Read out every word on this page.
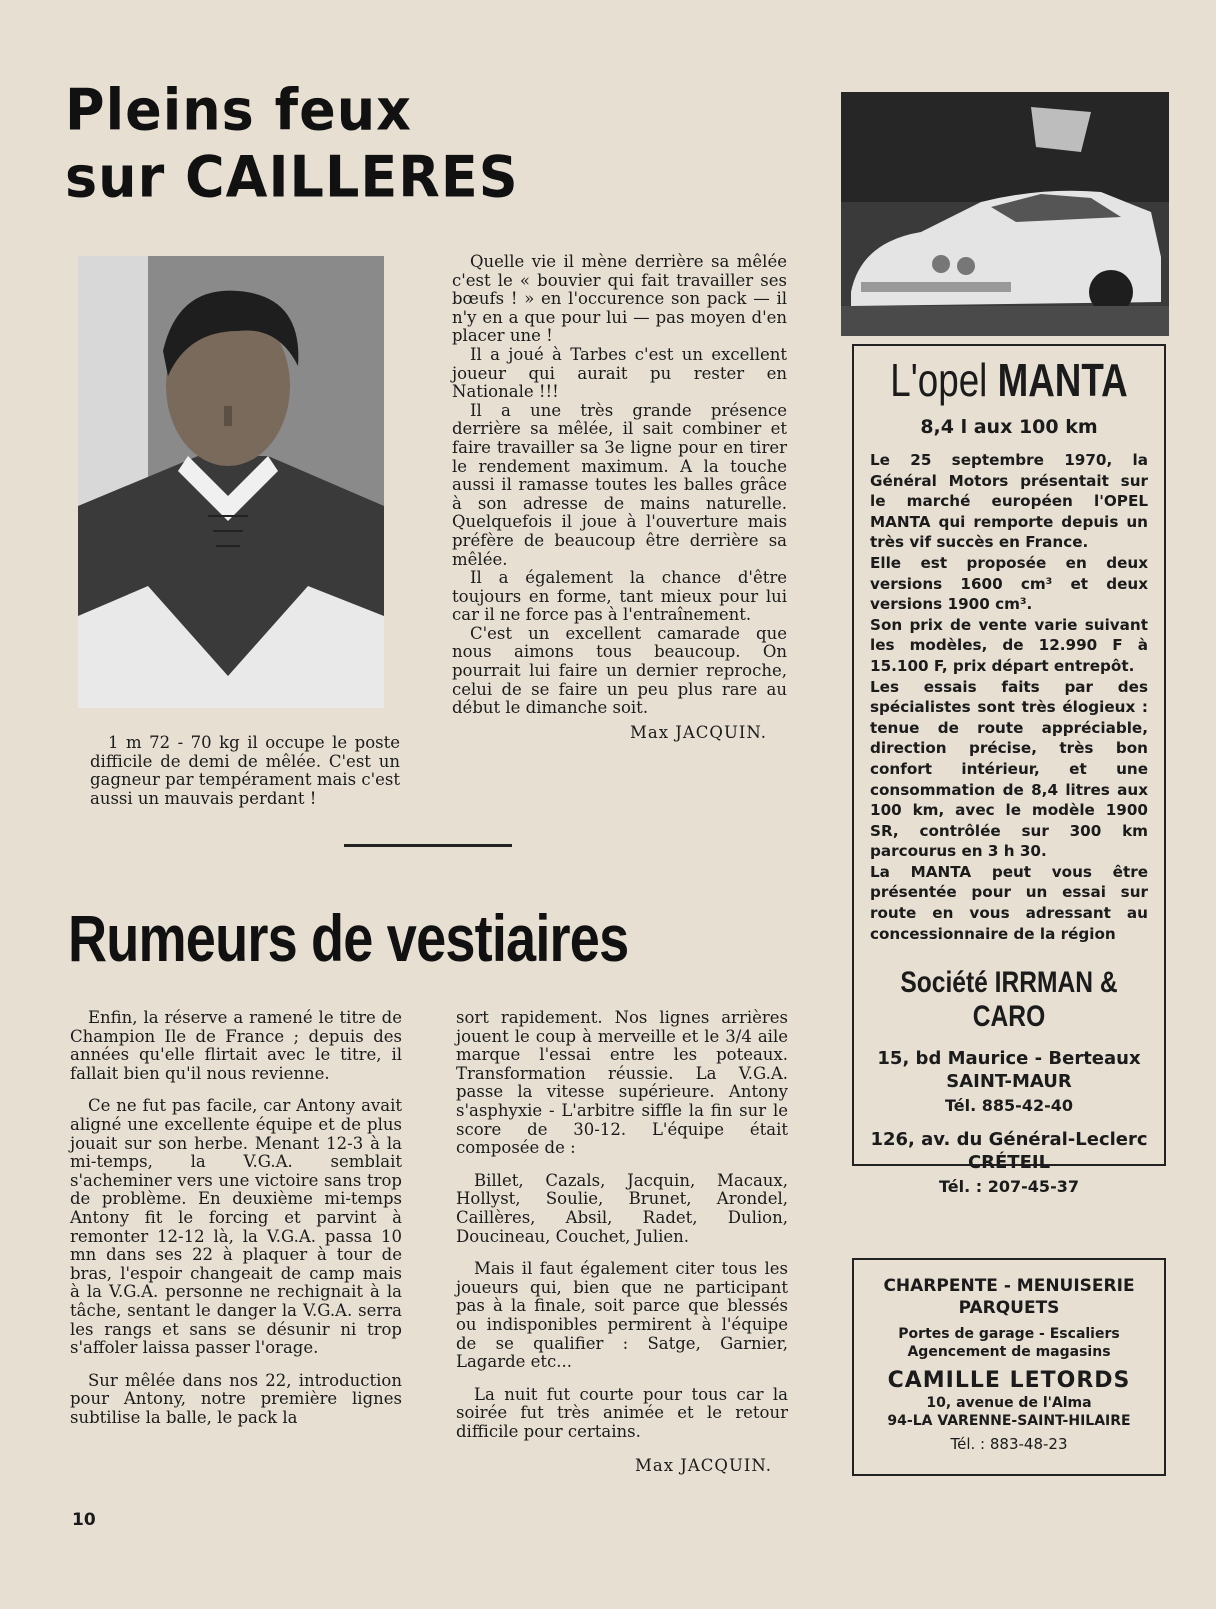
Pleins feux
sur CAILLERES

1 m 72 - 70 kg il occupe le poste difficile de demi de mêlée. C'est un gagneur par tempérament mais c'est aussi un mauvais perdant !

Quelle vie il mène derrière sa mêlée c'est le « bouvier qui fait travailler ses bœufs ! » en l'occurence son pack — il n'y en a que pour lui — pas moyen d'en placer une !

Il a joué à Tarbes c'est un excellent joueur qui aurait pu rester en Nationale !!!

Il a une très grande présence derrière sa mêlée, il sait combiner et faire travailler sa 3e ligne pour en tirer le rendement maximum. A la touche aussi il ramasse toutes les balles grâce à son adresse de mains naturelle. Quelquefois il joue à l'ouverture mais préfère de beaucoup être derrière sa mêlée.

Il a également la chance d'être toujours en forme, tant mieux pour lui car il ne force pas à l'entraînement.

C'est un excellent camarade que nous aimons tous beaucoup. On pourrait lui faire un dernier reproche, celui de se faire un peu plus rare au début le dimanche soit.

Max JACQUIN.
Rumeurs de vestiaires

Enfin, la réserve a ramené le titre de Champion Ile de France ; depuis des années qu'elle flirtait avec le titre, il fallait bien qu'il nous revienne.

Ce ne fut pas facile, car Antony avait aligné une excellente équipe et de plus jouait sur son herbe. Menant 12-3 à la mi-temps, la V.G.A. semblait s'acheminer vers une victoire sans trop de problème. En deuxième mi-temps Antony fit le forcing et parvint à remonter 12-12 là, la V.G.A. passa 10 mn dans ses 22 à plaquer à tour de bras, l'espoir changeait de camp mais à la V.G.A. personne ne rechignait à la tâche, sentant le danger la V.G.A. serra les rangs et sans se désunir ni trop s'affoler laissa passer l'orage.

Sur mêlée dans nos 22, introduction pour Antony, notre première lignes subtilise la balle, le pack la

sort rapidement. Nos lignes arrières jouent le coup à merveille et le 3/4 aile marque l'essai entre les poteaux. Transformation réussie. La V.G.A. passe la vitesse supérieure. Antony s'asphyxie - L'arbitre siffle la fin sur le score de 30-12. L'équipe était composée de :

Billet, Cazals, Jacquin, Macaux, Hollyst, Soulie, Brunet, Arondel, Caillères, Absil, Radet, Dulion, Doucineau, Couchet, Julien.

Mais il faut également citer tous les joueurs qui, bien que ne participant pas à la finale, soit parce que blessés ou indisponibles permirent à l'équipe de se qualifier : Satge, Garnier, Lagarde etc...

La nuit fut courte pour tous car la soirée fut très animée et le retour difficile pour certains.

Max JACQUIN.
L'opel MANTA
8,4 l aux 100 km
Le 25 septembre 1970, la Général Motors présentait sur le marché européen l'OPEL MANTA qui remporte depuis un très vif succès en France.
Elle est proposée en deux versions 1600 cm³ et deux versions 1900 cm³.
Son prix de vente varie suivant les modèles, de 12.990 F à 15.100 F, prix départ entrepôt.
Les essais faits par des spécialistes sont très élogieux : tenue de route appréciable, direction précise, très bon confort intérieur, et une consommation de 8,4 litres aux 100 km, avec le modèle 1900 SR, contrôlée sur 300 km parcourus en 3 h 30.
La MANTA peut vous être présentée pour un essai sur route en vous adressant au concessionnaire de la région
Société IRRMAN & CARO
15, bd Maurice - Berteaux
SAINT-MAUR
Tél. 885-42-40
126, av. du Général-Leclerc
CRÉTEIL
Tél. : 207-45-37
CHARPENTE - MENUISERIE
PARQUETS
Portes de garage - Escaliers
Agencement de magasins
CAMILLE LETORDS
10, avenue de l'Alma
94-LA VARENNE-SAINT-HILAIRE
Tél. : 883-48-23
10
